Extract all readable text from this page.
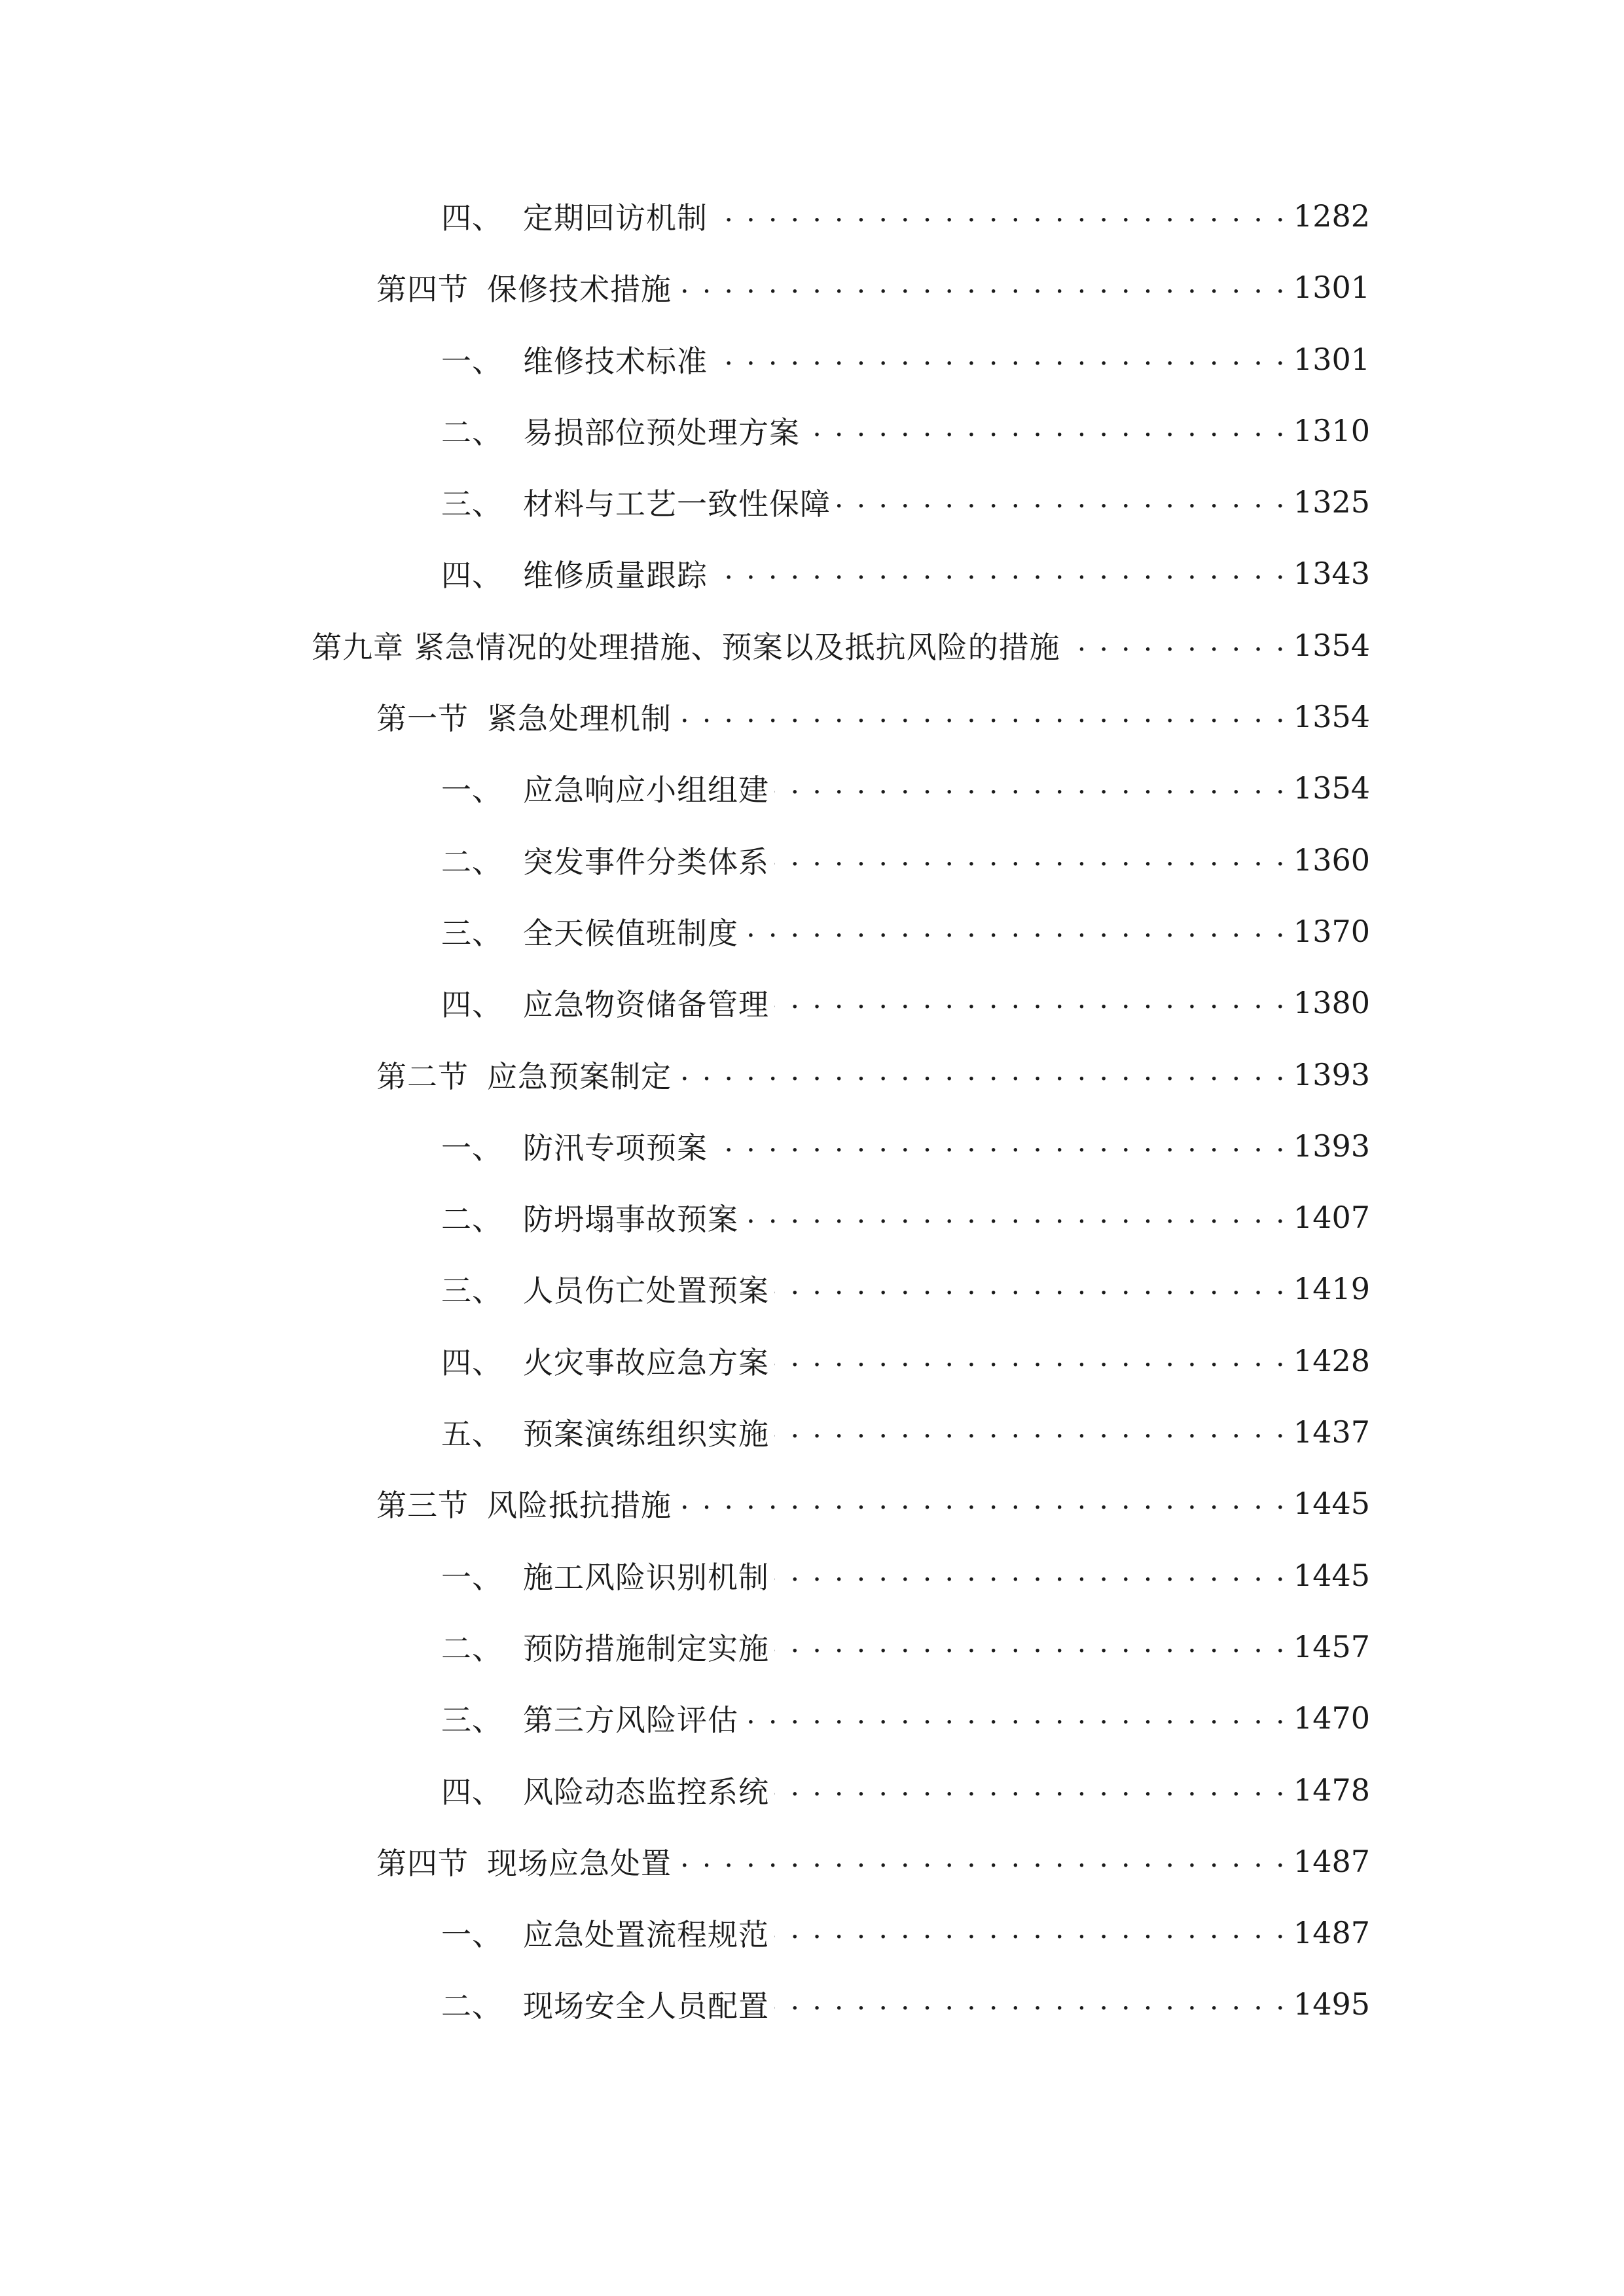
四、 定期回访机制 . . .	1282
第四节 保修技术措施 . . .	1301
一、 维修技术标准 . . .	1301
二、 易损部位预处理方案 . . .	1310
三、 材料与工艺一致性保障 . . .	1325
四、 维修质量跟踪 . . .	1343
第九章 紧急情况的处理措施、预案以及抵抗风险的措施 . . .	1354
第一节 紧急处理机制 . . .	1354
一、 应急响应小组组建 . . .	1354
二、 突发事件分类体系 . . .	1360
三、 全天候值班制度 . . .	1370
四、 应急物资储备管理 . . .	1380
第二节 应急预案制定 . . .	1393
一、 防汛专项预案 . . .	1393
二、 防坍塌事故预案 . . .	1407
三、 人员伤亡处置预案 . . .	1419
四、 火灾事故应急方案 . . .	1428
五、 预案演练组织实施 . . .	1437
第三节 风险抵抗措施 . . .	1445
一、 施工风险识别机制 . . .	1445
二、 预防措施制定实施 . . .	1457
三、 第三方风险评估 . . .	1470
四、 风险动态监控系统 . . .	1478
第四节 现场应急处置 . . .	1487
一、 应急处置流程规范 . . .	1487
二、 现场安全人员配置 . . .	1495
